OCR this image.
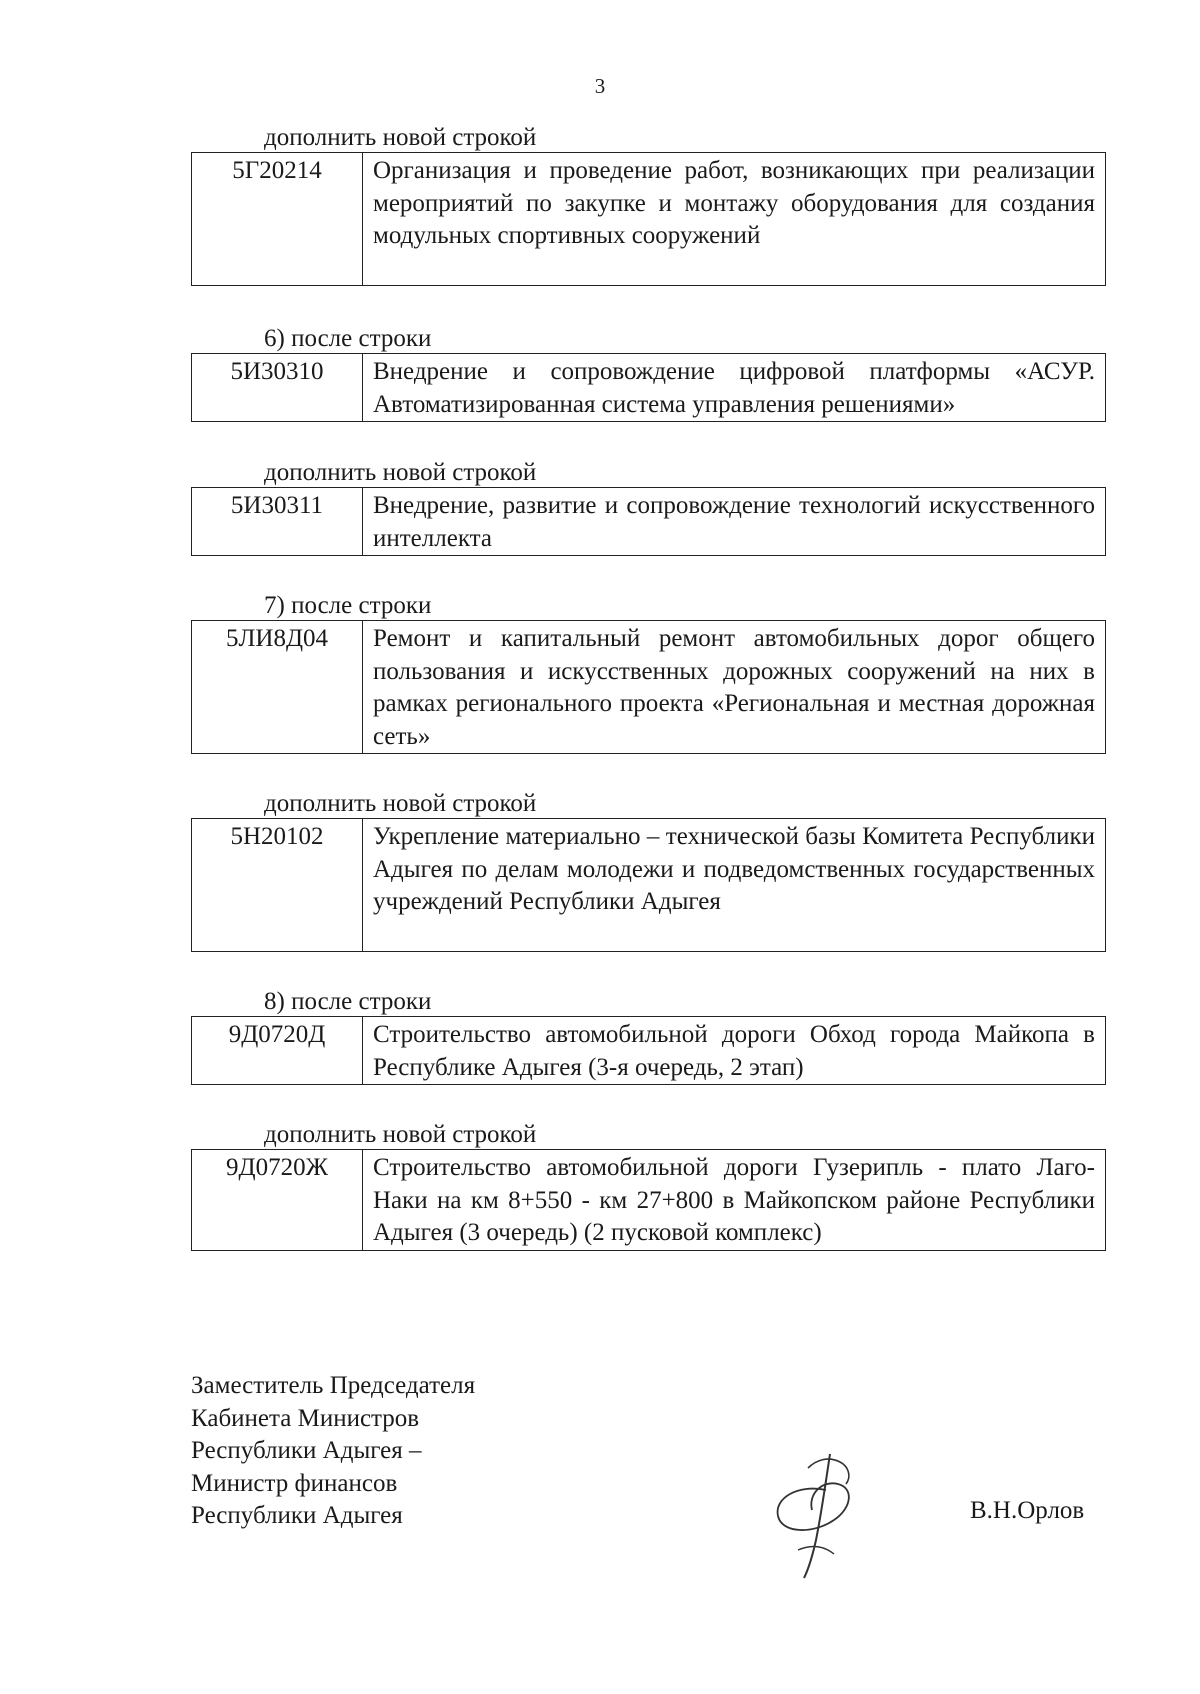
3
дополнить новой строкой
5Г20214	Организация и проведение работ, возникающих при реализации мероприятий по закупке и монтажу оборудования для создания модульных спортивных сооружений
6) после строки
5И30310	Внедрение и сопровождение цифровой платформы «АСУР. Автоматизированная система управления решениями»
дополнить новой строкой
5И30311	Внедрение, развитие и сопровождение технологий искусственного интеллекта
7) после строки
5ЛИ8Д04	Ремонт и капитальный ремонт автомобильных дорог общего пользования и искусственных дорожных сооружений на них в рамках регионального проекта «Региональная и местная дорожная сеть»
дополнить новой строкой
5Н20102	Укрепление материально – технической базы Комитета Республики Адыгея по делам молодежи и подведомственных государственных учреждений Республики Адыгея
8) после строки
9Д0720Д	Строительство автомобильной дороги Обход города Майкопа в Республике Адыгея (3-я очередь, 2 этап)
дополнить новой строкой
9Д0720Ж	Строительство автомобильной дороги Гузерипль - плато Лаго-Наки на км 8+550 - км 27+800 в Майкопском районе Республики Адыгея (3 очередь) (2 пусковой комплекс)
Заместитель Председателя
Кабинета Министров
Республики Адыгея –
Министр финансов
Республики Адыгея	В.Н.Орлов
